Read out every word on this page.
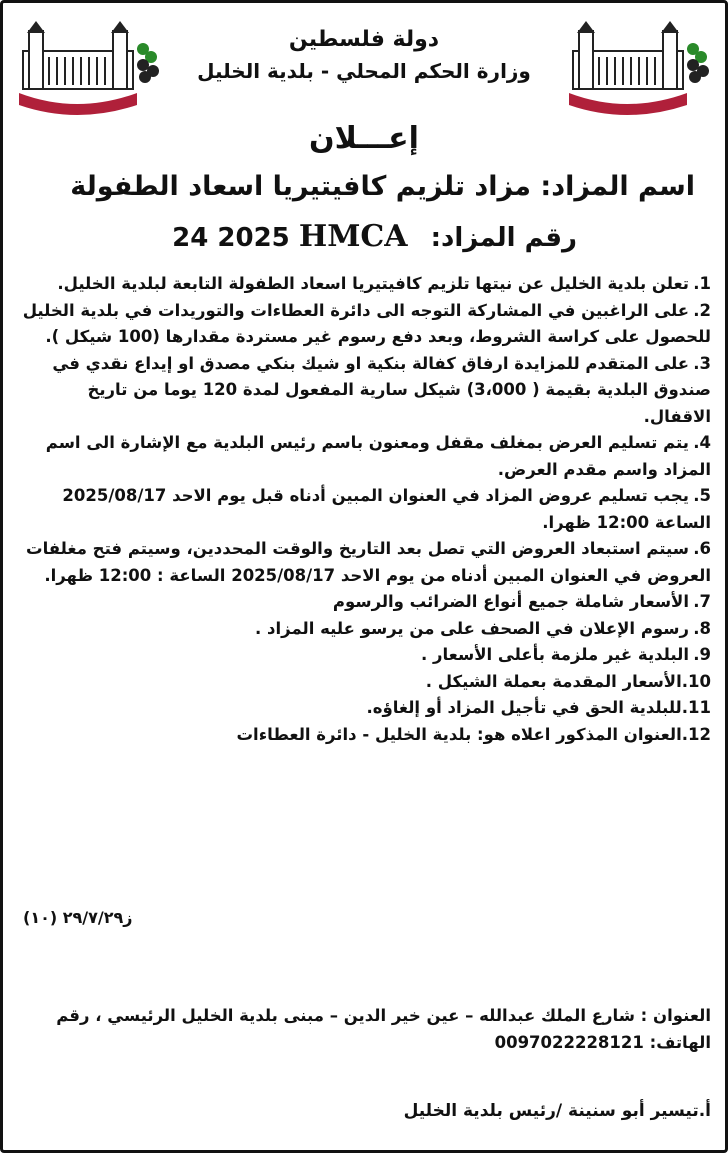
دولة فلسطين
وزارة الحكم المحلي - بلدية الخليل
إعـــلان
اسم المزاد: مزاد تلزيم كافيتيريا اسعاد الطفولة
رقم المزاد: 24 2025 HMCA
1.تعلن بلدية الخليل عن نيتها تلزيم كافيتيريا اسعاد الطفولة التابعة لبلدية الخليل.
2.على الراغبين في المشاركة التوجه الى دائرة العطاءات والتوريدات في بلدية الخليل للحصول على كراسة الشروط، وبعد دفع رسوم غير مستردة مقدارها (100 شيكل ).
3.على المتقدم للمزايدة ارفاق كفالة بنكية او شيك بنكي مصدق او إيداع نقدي في صندوق البلدية بقيمة ( 3،000) شيكل سارية المفعول لمدة 120 يوما من تاريخ الاقفال.
4.يتم تسليم العرض بمغلف مقفل ومعنون باسم رئيس البلدية مع الإشارة الى اسم المزاد واسم مقدم العرض.
5.يجب تسليم عروض المزاد في العنوان المبين أدناه قبل يوم الاحد 2025/08/17 الساعة 12:00 ظهرا.
6.سيتم استبعاد العروض التي تصل بعد التاريخ والوقت المحددين، وسيتم فتح مغلفات العروض في العنوان المبين أدناه من يوم الاحد 2025/08/17 الساعة : 12:00 ظهرا.
7.الأسعار شاملة جميع أنواع الضرائب والرسوم
8.رسوم الإعلان في الصحف على من يرسو عليه المزاد .
9.البلدية غير ملزمة بأعلى الأسعار .
10.الأسعار المقدمة بعملة الشيكل .
11.للبلدية الحق في تأجيل المزاد أو إلغاؤه.
12.العنوان المذكور اعلاه هو: بلدية الخليل - دائرة العطاءات
ز٢٩/٧/٢٩ (١٠)
العنوان : شارع الملك عبدالله – عين خير الدين – مبنى بلدية الخليل الرئيسي ، رقم الهاتف: 0097022228121
أ.تيسير أبو سنينة /رئيس بلدية الخليل
